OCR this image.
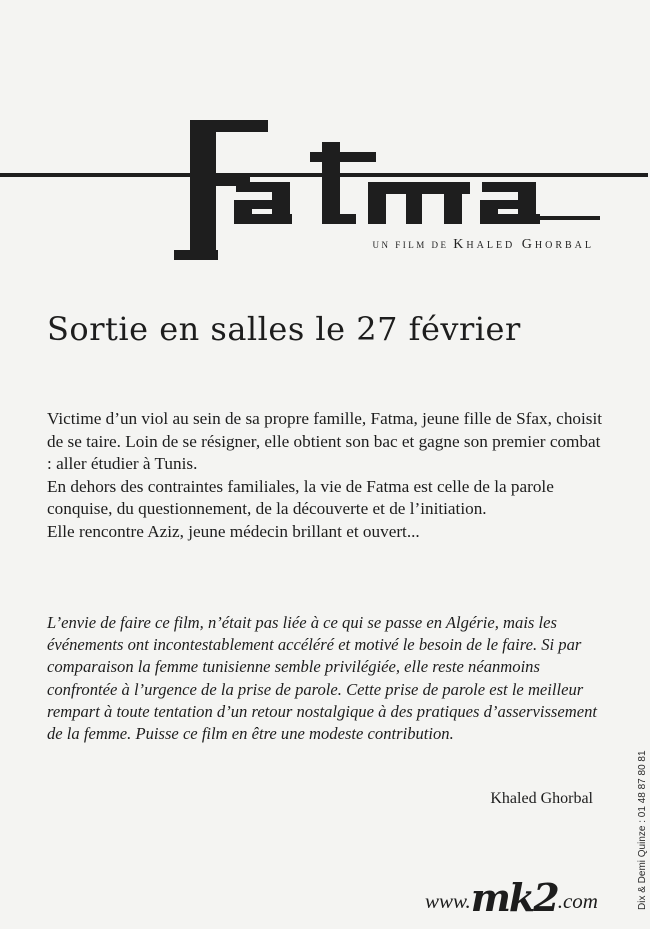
UN FILM DE Khaled Ghorbal
Sortie en salles le 27 février

Victime d’un viol au sein de sa propre famille, Fatma, jeune fille de Sfax, choisit de se taire. Loin de se résigner, elle obtient son bac et gagne son premier combat : aller étudier à Tunis.

En dehors des contraintes familiales, la vie de Fatma est celle de la parole conquise, du questionnement, de la découverte et de l’initiation.

Elle rencontre Aziz, jeune médecin brillant et ouvert...

L’envie de faire ce film, n’était pas liée à ce qui se passe en Algérie, mais les événements ont incontestablement accéléré et motivé le besoin de le faire. Si par comparaison la femme tunisienne semble privilégiée, elle reste néanmoins confrontée à l’urgence de la prise de parole. Cette prise de parole est le meilleur rempart à toute tentation d’un retour nostalgique à des pratiques d’asservissement de la femme. Puisse ce film en être une modeste contribution.

Khaled Ghorbal
www.mk2.com	Dix & Demi Quinze : 01 48 87 80 81
